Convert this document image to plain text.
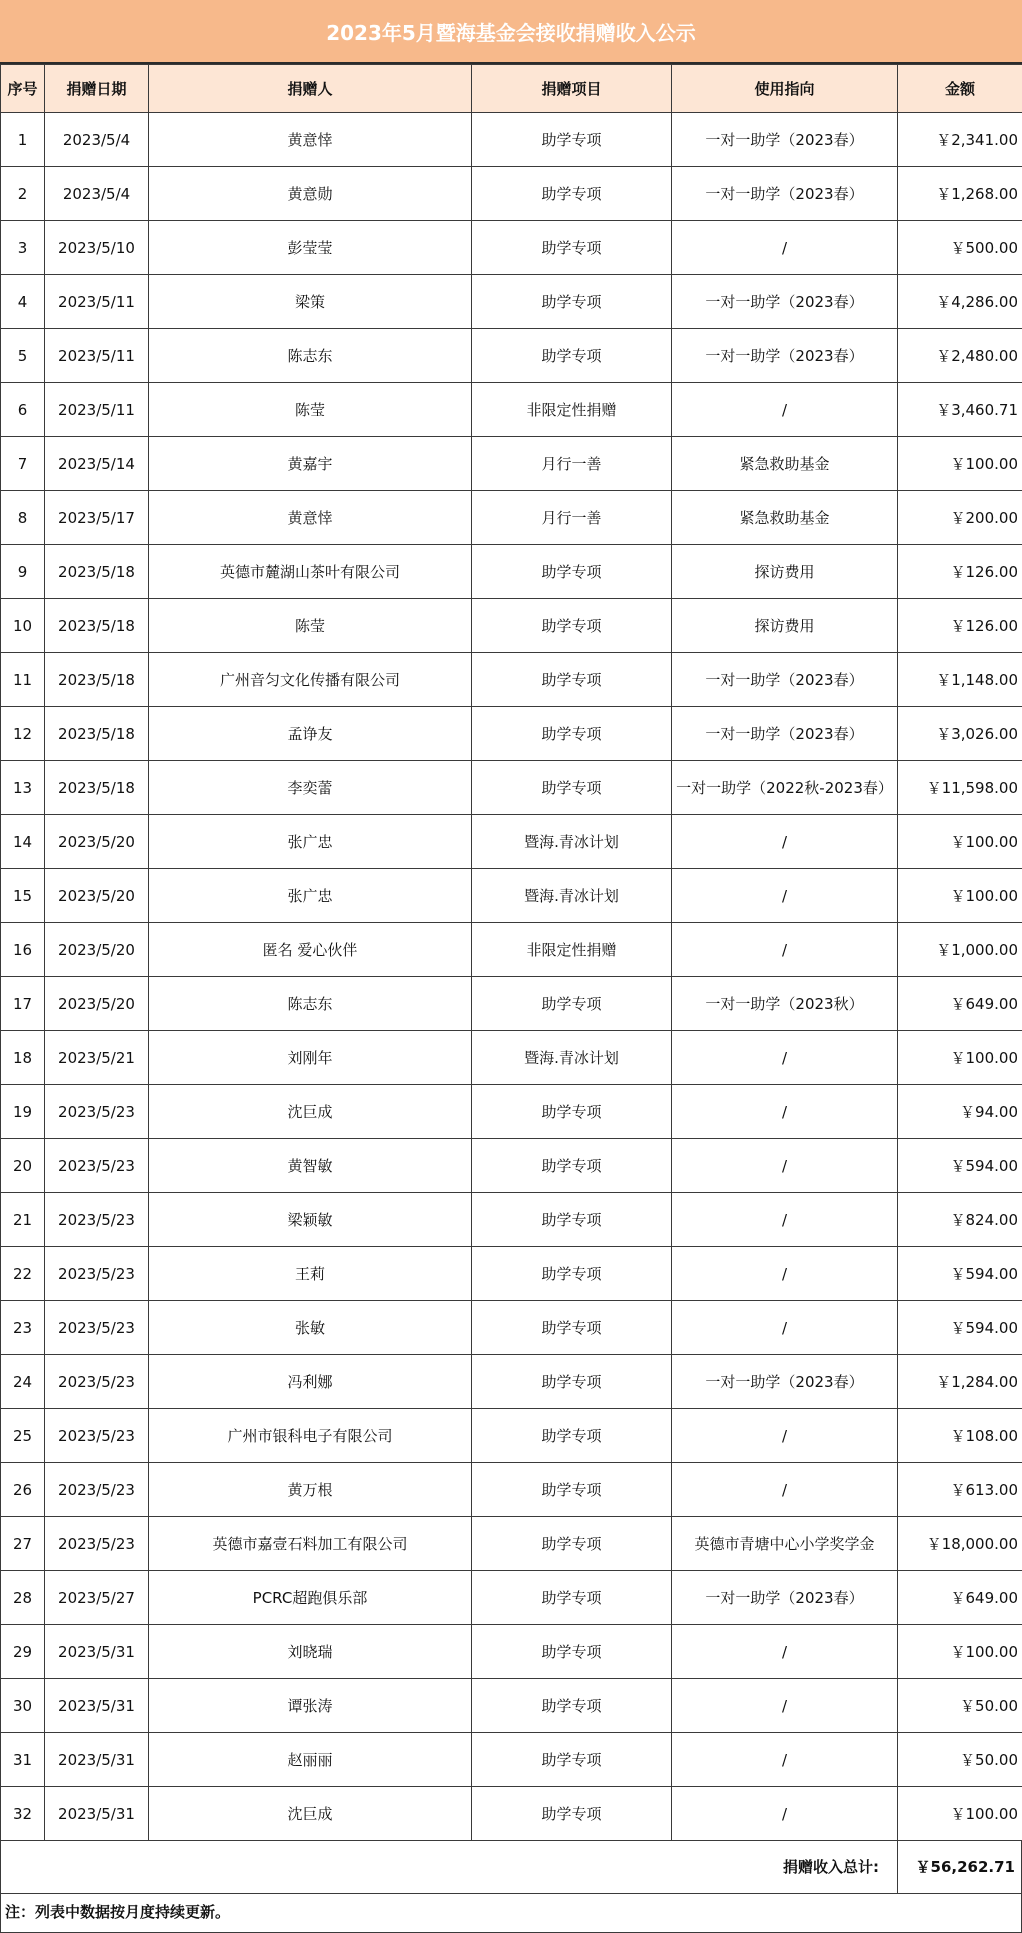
2023年5月暨海基金会接收捐赠收入公示
序号	捐赠日期	捐赠人	捐赠项目	使用指向	金额
1	2023/5/4	黄意悻	助学专项	一对一助学（2023春）	￥2,341.00
2	2023/5/4	黄意勋	助学专项	一对一助学（2023春）	￥1,268.00
3	2023/5/10	彭莹莹	助学专项	/	￥500.00
4	2023/5/11	梁策	助学专项	一对一助学（2023春）	￥4,286.00
5	2023/5/11	陈志东	助学专项	一对一助学（2023春）	￥2,480.00
6	2023/5/11	陈莹	非限定性捐赠	/	￥3,460.71
7	2023/5/14	黄嘉宇	月行一善	紧急救助基金	￥100.00
8	2023/5/17	黄意悻	月行一善	紧急救助基金	￥200.00
9	2023/5/18	英德市麓湖山茶叶有限公司	助学专项	探访费用	￥126.00
10	2023/5/18	陈莹	助学专项	探访费用	￥126.00
11	2023/5/18	广州音匀文化传播有限公司	助学专项	一对一助学（2023春）	￥1,148.00
12	2023/5/18	孟诤友	助学专项	一对一助学（2023春）	￥3,026.00
13	2023/5/18	李奕蕾	助学专项	一对一助学（2022秋-2023春）	￥11,598.00
14	2023/5/20	张广忠	暨海.青冰计划	/	￥100.00
15	2023/5/20	张广忠	暨海.青冰计划	/	￥100.00
16	2023/5/20	匿名 爱心伙伴	非限定性捐赠	/	￥1,000.00
17	2023/5/20	陈志东	助学专项	一对一助学（2023秋）	￥649.00
18	2023/5/21	刘刚年	暨海.青冰计划	/	￥100.00
19	2023/5/23	沈巨成	助学专项	/	￥94.00
20	2023/5/23	黄智敏	助学专项	/	￥594.00
21	2023/5/23	梁颖敏	助学专项	/	￥824.00
22	2023/5/23	王莉	助学专项	/	￥594.00
23	2023/5/23	张敏	助学专项	/	￥594.00
24	2023/5/23	冯利娜	助学专项	一对一助学（2023春）	￥1,284.00
25	2023/5/23	广州市银科电子有限公司	助学专项	/	￥108.00
26	2023/5/23	黄万根	助学专项	/	￥613.00
27	2023/5/23	英德市嘉壹石料加工有限公司	助学专项	英德市青塘中心小学奖学金	￥18,000.00
28	2023/5/27	PCRC超跑俱乐部	助学专项	一对一助学（2023春）	￥649.00
29	2023/5/31	刘晓瑞	助学专项	/	￥100.00
30	2023/5/31	谭张涛	助学专项	/	￥50.00
31	2023/5/31	赵丽丽	助学专项	/	￥50.00
32	2023/5/31	沈巨成	助学专项	/	￥100.00
捐赠收入总计:	￥56,262.71
注：列表中数据按月度持续更新。
